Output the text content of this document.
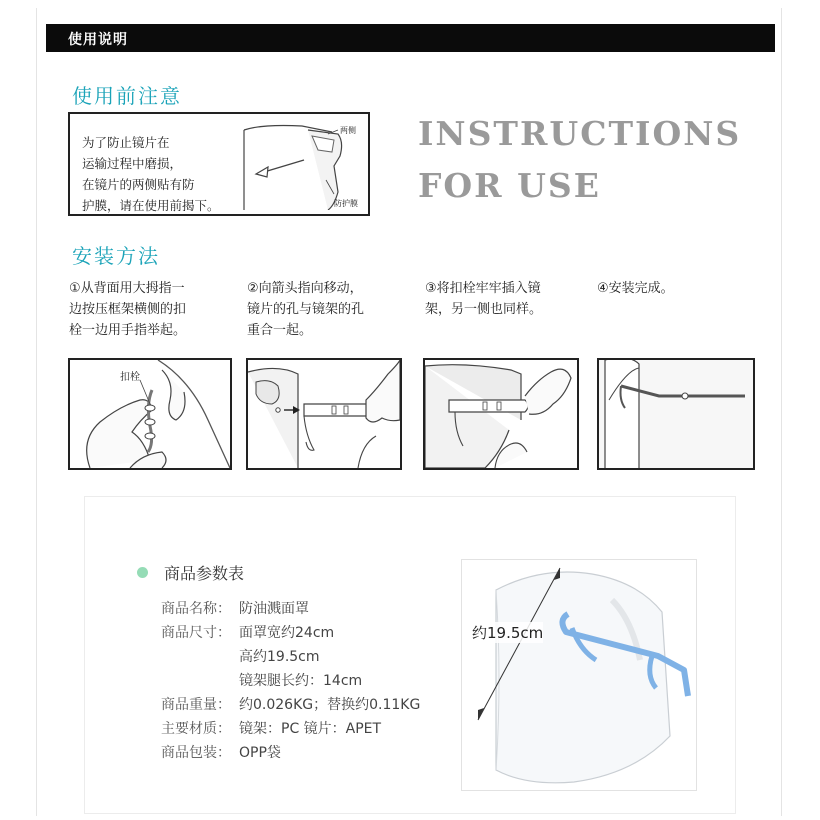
使用说明
使用前注意

为了防止镜片在
运输过程中磨损，
在镜片的两侧贴有防
护膜，请在使用前揭下。

两侧
防护膜
INSTRUCTIONS
FOR USE
安装方法

①从背面用大拇指一
边按压框架横侧的扣
栓一边用手指举起。

②向箭头指向移动，
镜片的孔与镜架的孔
重合一起。

③将扣栓牢牢插入镜
架，另一侧也同样。

④安装完成。

扣栓
商品参数表
商品名称： 防油溅面罩
商品尺寸： 面罩宽约24cm
高约19.5cm
镜架腿长约：14cm
商品重量： 约0.026KG；替换约0.11KG
主要材质： 镜架：PC 镜片：APET
商品包装： OPP袋
约19.5cm
